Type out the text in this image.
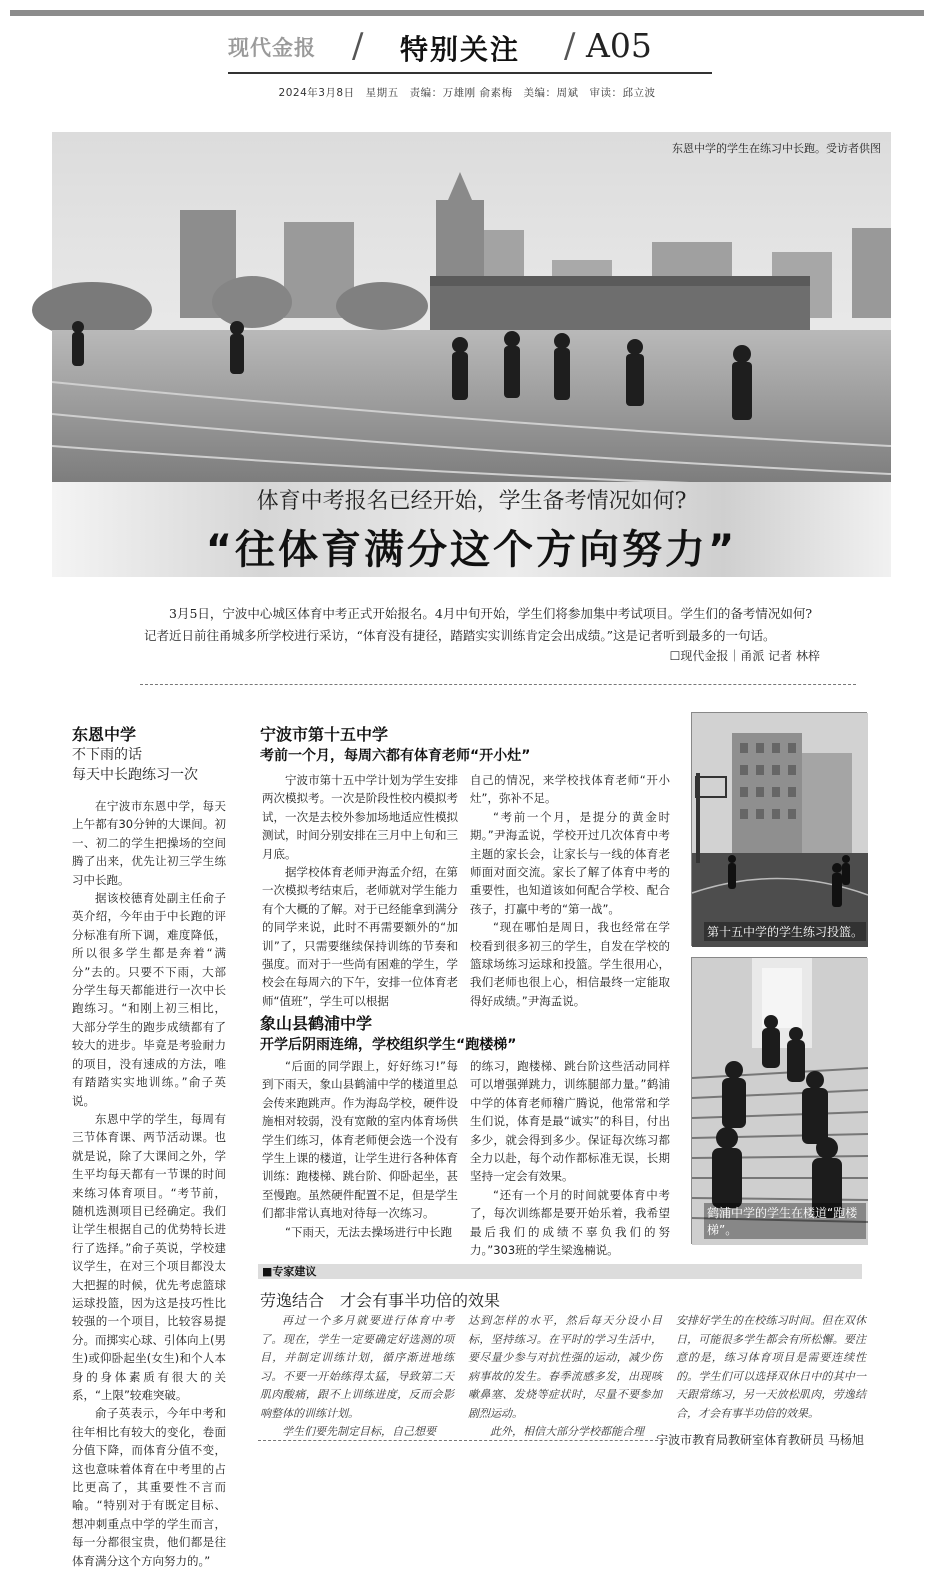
现代金报 / 特别关注 / A05
2024年3月8日　星期五　责编：万雄刚 俞素梅　美编：周斌　审读：邱立波
东恩中学的学生在练习中长跑。受访者供图
体育中考报名已经开始，学生备考情况如何?
“往体育满分这个方向努力”
3月5日，宁波中心城区体育中考正式开始报名。4月中旬开始，学生们将参加集中考试项目。学生们的备考情况如何?记者近日前往甬城多所学校进行采访，“体育没有捷径，踏踏实实训练肯定会出成绩。”这是记者听到最多的一句话。
☐现代金报｜甬派 记者 林梓
东恩中学
不下雨的话
每天中长跑练习一次

在宁波市东恩中学，每天上午都有30分钟的大课间。初一、初二的学生把操场的空间腾了出来，优先让初三学生练习中长跑。

据该校德育处副主任俞子英介绍，今年由于中长跑的评分标准有所下调，难度降低，所以很多学生都是奔着“满分”去的。只要不下雨，大部分学生每天都能进行一次中长跑练习。“和刚上初三相比，大部分学生的跑步成绩都有了较大的进步。毕竟是考验耐力的项目，没有速成的方法，唯有踏踏实实地训练。”俞子英说。

东恩中学的学生，每周有三节体育课、两节活动课。也就是说，除了大课间之外，学生平均每天都有一节课的时间来练习体育项目。“考节前，随机选测项目已经确定。我们让学生根据自己的优势特长进行了选择。”俞子英说，学校建议学生，在对三个项目都没太大把握的时候，优先考虑篮球运球投篮，因为这是技巧性比较强的一个项目，比较容易提分。而掷实心球、引体向上(男生)或仰卧起坐(女生)和个人本身的身体素质有很大的关系，“上限”较难突破。

俞子英表示，今年中考和往年相比有较大的变化，卷面分值下降，而体育分值不变，这也意味着体育在中考里的占比更高了，其重要性不言而喻。“特别对于有既定目标、想冲刺重点中学的学生而言，每一分都很宝贵，他们都是往体育满分这个方向努力的。”

宁波市第十五中学
考前一个月，每周六都有体育老师“开小灶”

宁波市第十五中学计划为学生安排两次模拟考。一次是阶段性校内模拟考试，一次是去校外参加场地适应性模拟测试，时间分别安排在三月中上旬和三月底。

据学校体育老师尹海孟介绍，在第一次模拟考结束后，老师就对学生能力有个大概的了解。对于已经能拿到满分的同学来说，此时不再需要额外的“加训”了，只需要继续保持训练的节奏和强度。而对于一些尚有困难的学生，学校会在每周六的下午，安排一位体育老师“值班”，学生可以根据

自己的情况，来学校找体育老师“开小灶”，弥补不足。

“考前一个月，是提分的黄金时期。”尹海孟说，学校开过几次体育中考主题的家长会，让家长与一线的体育老师面对面交流。家长了解了体育中考的重要性，也知道该如何配合学校、配合孩子，打赢中考的“第一战”。

“现在哪怕是周日，我也经常在学校看到很多初三的学生，自发在学校的篮球场练习运球和投篮。学生很用心，我们老师也很上心，相信最终一定能取得好成绩。”尹海孟说。

第十五中学的学生练习投篮。
象山县鹤浦中学
开学后阴雨连绵，学校组织学生“跑楼梯”

“后面的同学跟上，好好练习!”每到下雨天，象山县鹤浦中学的楼道里总会传来跑跳声。作为海岛学校，硬件设施相对较弱，没有宽敞的室内体育场供学生们练习，体育老师便会选一个没有学生上课的楼道，让学生进行各种体育训练：跑楼梯、跳台阶、仰卧起坐，甚至慢跑。虽然硬件配置不足，但是学生们都非常认真地对待每一次练习。

“下雨天，无法去操场进行中长跑

的练习，跑楼梯、跳台阶这些活动同样可以增强弹跳力，训练腿部力量。”鹤浦中学的体育老师稽广腾说，他常常和学生们说，体育是最“诚实”的科目，付出多少，就会得到多少。保证每次练习都全力以赴，每个动作都标准无误，长期坚持一定会有效果。

“还有一个月的时间就要体育中考了，每次训练都是要开始乐着，我希望最后我们的成绩不辜负我们的努力。”303班的学生梁逸楠说。

鹤浦中学的学生在楼道“跑楼梯”。
■专家建议
劳逸结合　才会有事半功倍的效果

再过一个多月就要进行体育中考了。现在，学生一定要确定好选测的项目，并制定训练计划，循序渐进地练习。不要一开始练得太猛，导致第二天肌肉酸痛，跟不上训练进度，反而会影响整体的训练计划。

学生们要先制定目标，自己想要

达到怎样的水平，然后每天分设小目标，坚持练习。在平时的学习生活中，要尽量少参与对抗性强的运动，减少伤病事故的发生。春季流感多发，出现咳嗽鼻塞、发烧等症状时，尽量不要参加剧烈运动。

此外，相信大部分学校都能合理

安排好学生的在校练习时间。但在双休日，可能很多学生都会有所松懈。要注意的是，练习体育项目是需要连续性的。学生们可以选择双休日中的其中一天跟常练习，另一天放松肌肉，劳逸结合，才会有事半功倍的效果。

宁波市教育局教研室体育教研员 马杨旭
